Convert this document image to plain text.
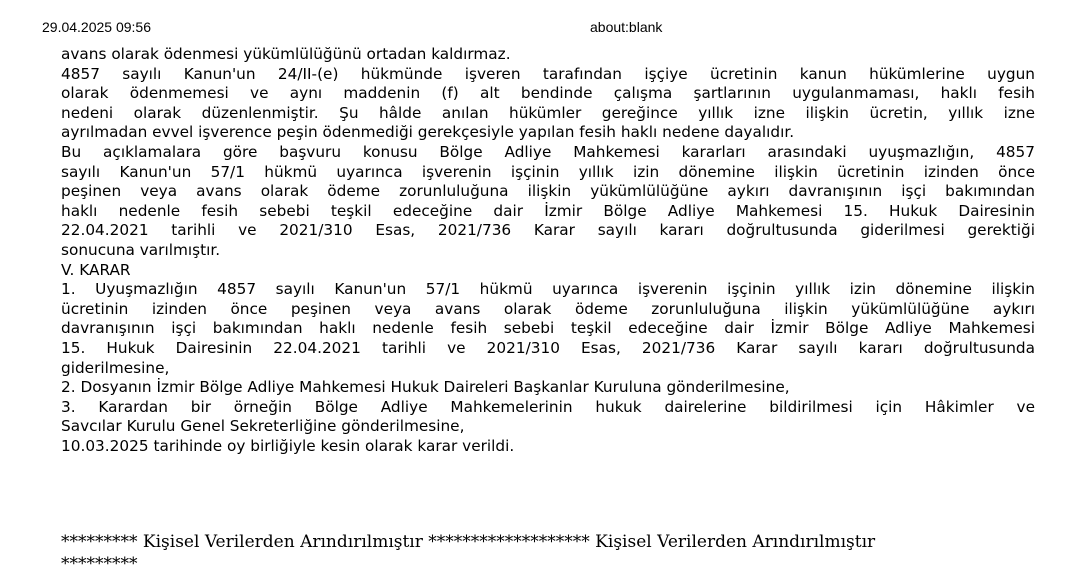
29.04.2025 09:56	about:blank
avans olarak ödenmesi yükümlülüğünü ortadan kaldırmaz.
4857 sayılı Kanun'un 24/II-(e) hükmünde işveren tarafından işçiye ücretinin kanun hükümlerine uygun
olarak ödenmemesi ve aynı maddenin (f) alt bendinde çalışma şartlarının uygulanmaması, haklı fesih
nedeni olarak düzenlenmiştir. Şu hâlde anılan hükümler gereğince yıllık izne ilişkin ücretin, yıllık izne
ayrılmadan evvel işverence peşin ödenmediği gerekçesiyle yapılan fesih haklı nedene dayalıdır.
Bu açıklamalara göre başvuru konusu Bölge Adliye Mahkemesi kararları arasındaki uyuşmazlığın, 4857
sayılı Kanun'un 57/1 hükmü uyarınca işverenin işçinin yıllık izin dönemine ilişkin ücretinin izinden önce
peşinen veya avans olarak ödeme zorunluluğuna ilişkin yükümlülüğüne aykırı davranışının işçi bakımından
haklı nedenle fesih sebebi teşkil edeceğine dair İzmir Bölge Adliye Mahkemesi 15. Hukuk Dairesinin
22.04.2021 tarihli ve 2021/310 Esas, 2021/736 Karar sayılı kararı doğrultusunda giderilmesi gerektiği
sonucuna varılmıştır.
V. KARAR
1. Uyuşmazlığın 4857 sayılı Kanun'un 57/1 hükmü uyarınca işverenin işçinin yıllık izin dönemine ilişkin
ücretinin izinden önce peşinen veya avans olarak ödeme zorunluluğuna ilişkin yükümlülüğüne aykırı
davranışının işçi bakımından haklı nedenle fesih sebebi teşkil edeceğine dair İzmir Bölge Adliye Mahkemesi
15. Hukuk Dairesinin 22.04.2021 tarihli ve 2021/310 Esas, 2021/736 Karar sayılı kararı doğrultusunda
giderilmesine,
2. Dosyanın İzmir Bölge Adliye Mahkemesi Hukuk Daireleri Başkanlar Kuruluna gönderilmesine,
3. Karardan bir örneğin Bölge Adliye Mahkemelerinin hukuk dairelerine bildirilmesi için Hâkimler ve
Savcılar Kurulu Genel Sekreterliğine gönderilmesine,
10.03.2025 tarihinde oy birliğiyle kesin olarak karar verildi.
********* Kişisel Verilerden Arındırılmıştır ******************* Kişisel Verilerden Arındırılmıştır
*********
